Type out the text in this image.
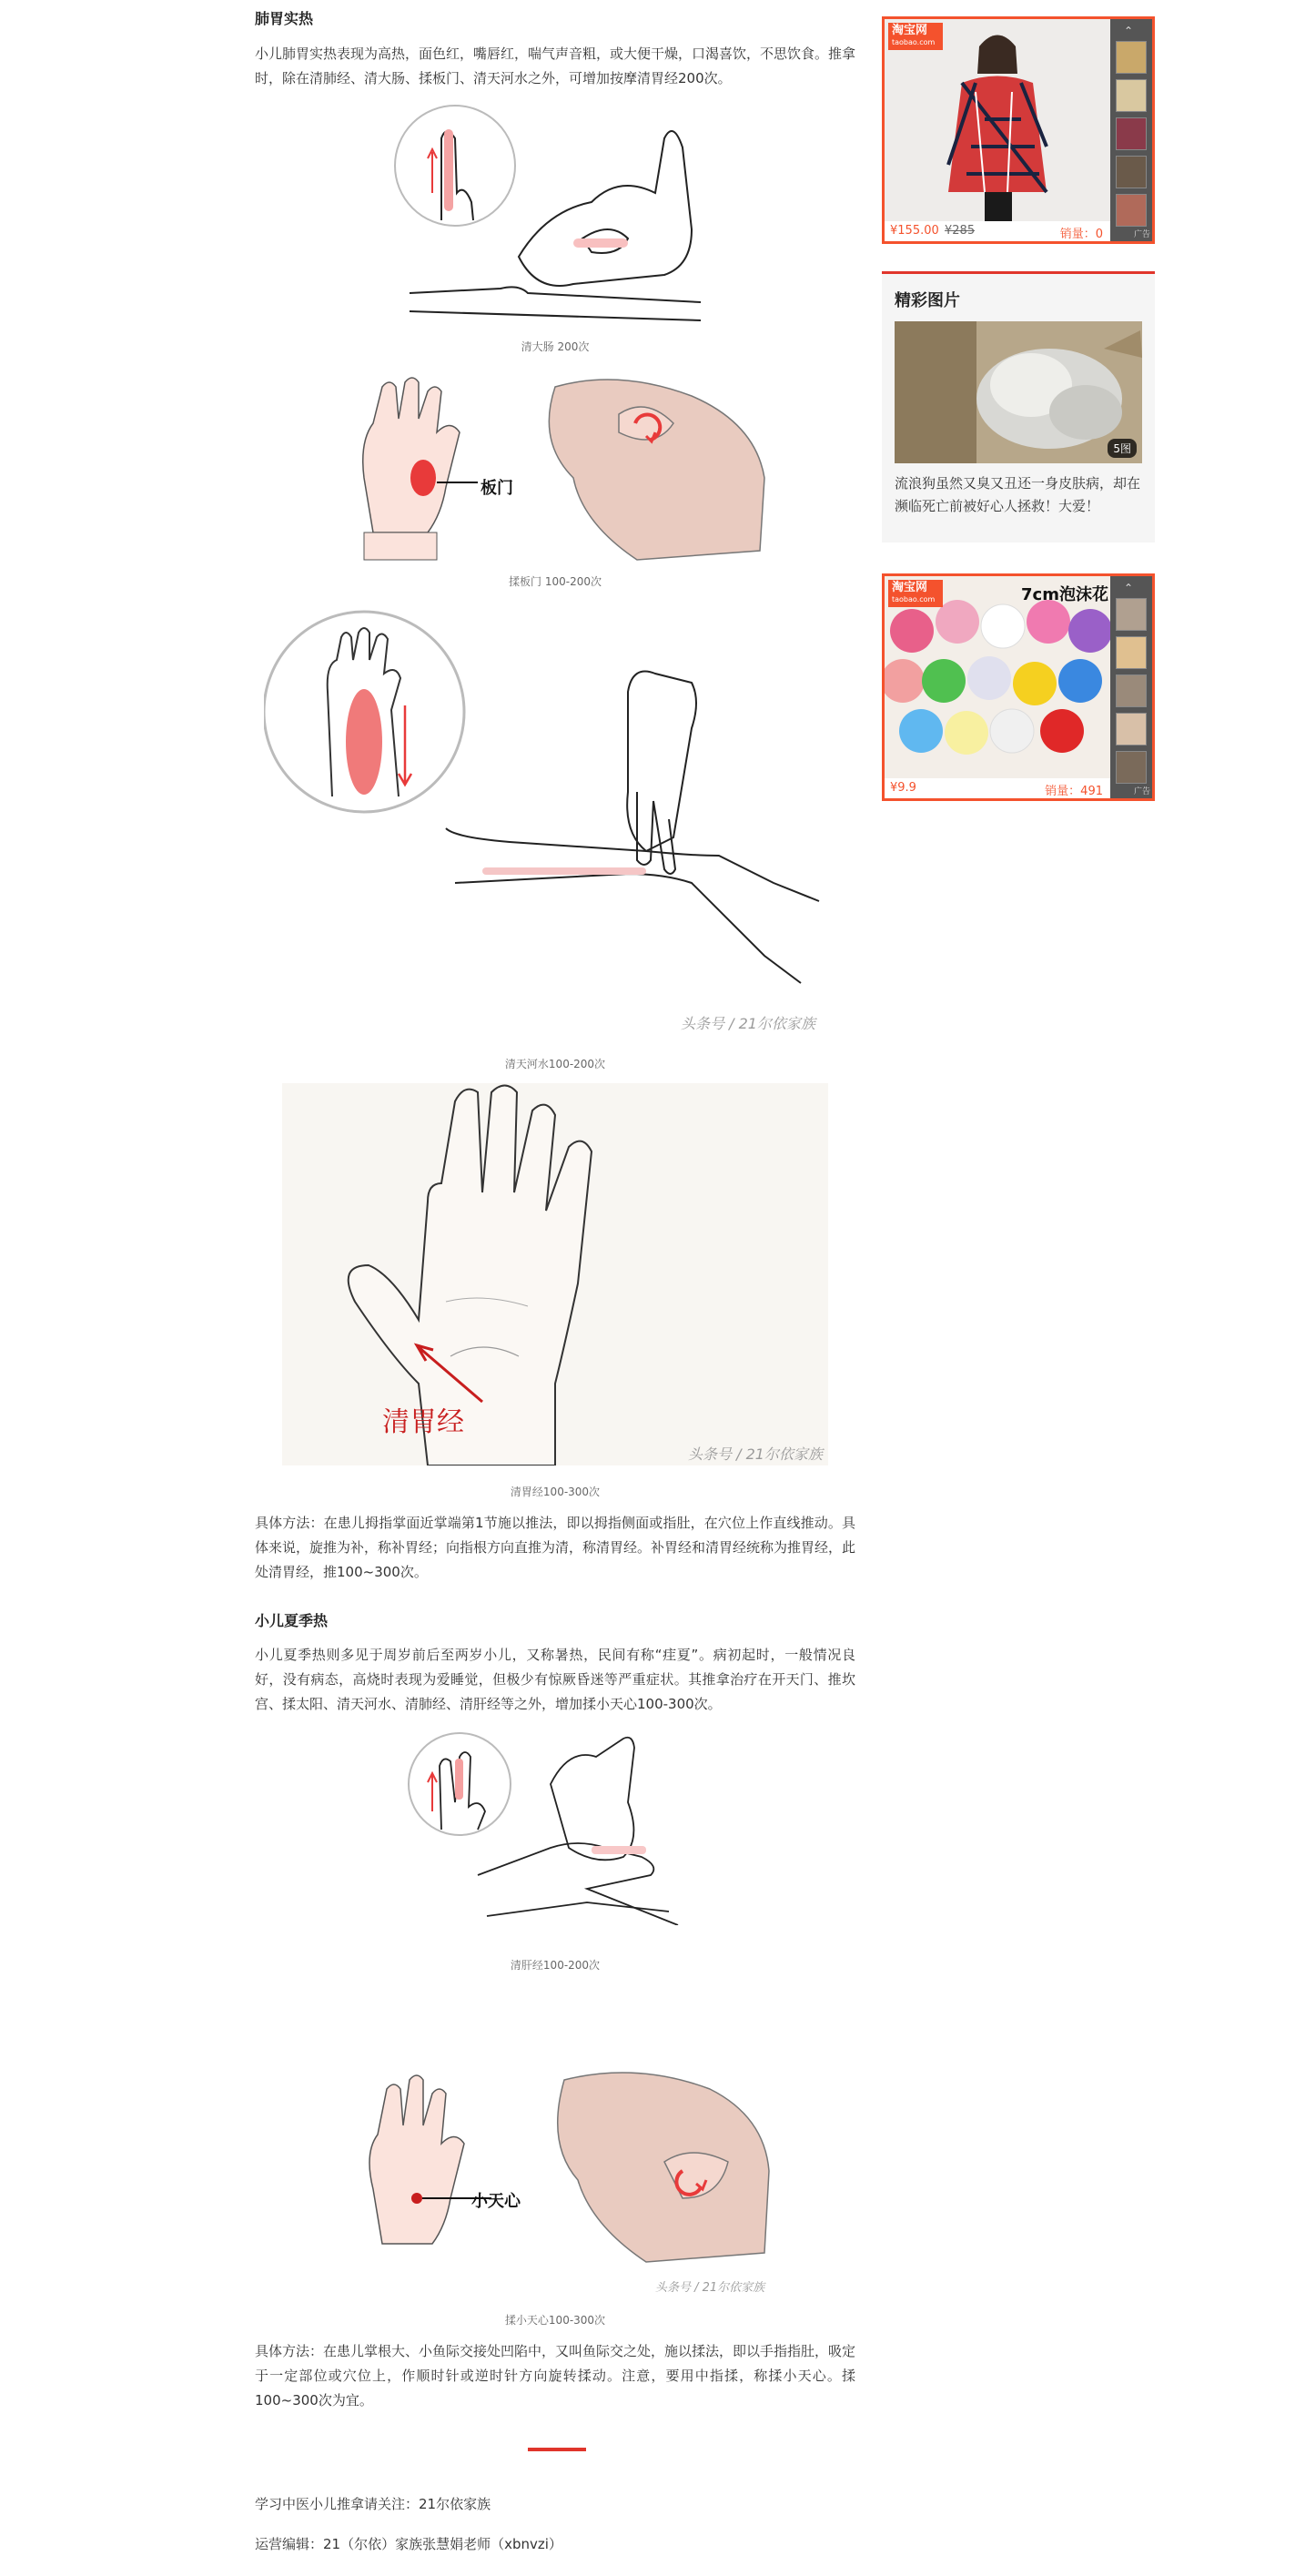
肺胃实热
小儿肺胃实热表现为高热，面色红，嘴唇红，喘气声音粗，或大便干燥，口渴喜饮，不思饮食。推拿时，除在清肺经、清大肠、揉板门、清天河水之外，可增加按摩清胃经200次。
清大肠 200次
板门
揉板门 100-200次
头条号 / 21尔依家族
清天河水100-200次
清胃经
头条号 / 21尔依家族
清胃经100-300次
具体方法：在患儿拇指掌面近掌端第1节施以推法，即以拇指侧面或指肚，在穴位上作直线推动。具体来说，旋推为补，称补胃经；向指根方向直推为清，称清胃经。补胃经和清胃经统称为推胃经，此处清胃经，推100~300次。
小儿夏季热
小儿夏季热则多见于周岁前后至两岁小儿，又称暑热，民间有称“疰夏”。病初起时，一般情况良好，没有病态，高烧时表现为爱睡觉，但极少有惊厥昏迷等严重症状。其推拿治疗在开天门、推坎宫、揉太阳、清天河水、清肺经、清肝经等之外，增加揉小天心100-300次。
清肝经100-200次
小天心
头条号 / 21尔依家族
揉小天心100-300次
具体方法：在患儿掌根大、小鱼际交接处凹陷中，又叫鱼际交之处，施以揉法，即以手指指肚，吸定于一定部位或穴位上，作顺时针或逆时针方向旋转揉动。注意，要用中指揉，称揉小天心。揉100~300次为宜。
学习中医小儿推拿请关注：21尔依家族
运营编辑：21（尔依）家族张慧娟老师（xbnvzi）
淘宝网
taobao.com
⌃
广告
¥155.00 ¥285	销量：0
精彩图片
5图
流浪狗虽然又臭又丑还一身皮肤病，却在濒临死亡前被好心人拯救！大爱！
7cm泡沫花
淘宝网
taobao.com
⌃
广告
¥9.9	销量：491
